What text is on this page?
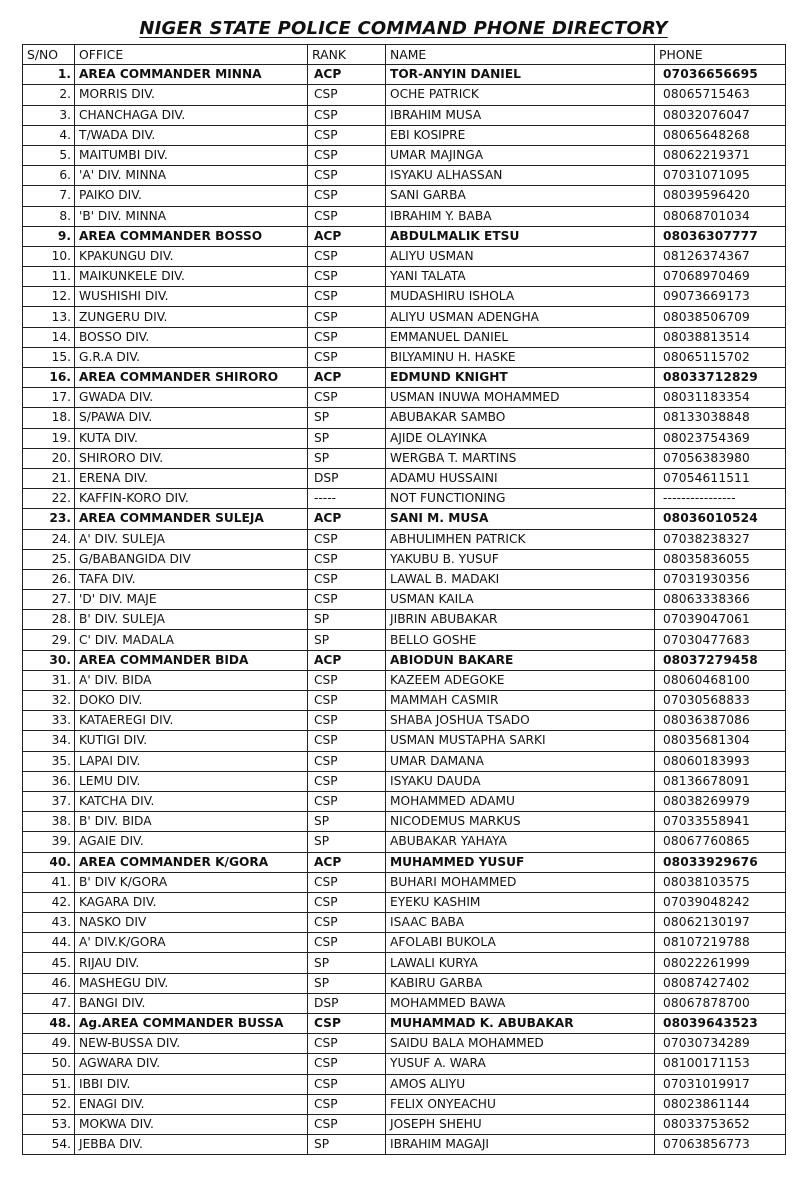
NIGER STATE POLICE COMMAND PHONE DIRECTORY
S/NO	OFFICE	RANK	NAME	PHONE
1.	AREA COMMANDER MINNA	ACP	TOR-ANYIN DANIEL	07036656695
2.	MORRIS DIV.	CSP	OCHE PATRICK	08065715463
3.	CHANCHAGA DIV.	CSP	IBRAHIM MUSA	08032076047
4.	T/WADA DIV.	CSP	EBI KOSIPRE	08065648268
5.	MAITUMBI DIV.	CSP	UMAR MAJINGA	08062219371
6.	'A' DIV. MINNA	CSP	ISYAKU ALHASSAN	07031071095
7.	PAIKO DIV.	CSP	SANI GARBA	08039596420
8.	'B' DIV. MINNA	CSP	IBRAHIM Y. BABA	08068701034
9.	AREA COMMANDER BOSSO	ACP	ABDULMALIK ETSU	08036307777
10.	KPAKUNGU DIV.	CSP	ALIYU USMAN	08126374367
11.	MAIKUNKELE DIV.	CSP	YANI TALATA	07068970469
12.	WUSHISHI DIV.	CSP	MUDASHIRU ISHOLA	09073669173
13.	ZUNGERU DIV.	CSP	ALIYU USMAN ADENGHA	08038506709
14.	BOSSO DIV.	CSP	EMMANUEL DANIEL	08038813514
15.	G.R.A DIV.	CSP	BILYAMINU H. HASKE	08065115702
16.	AREA COMMANDER SHIRORO	ACP	EDMUND KNIGHT	08033712829
17.	GWADA DIV.	CSP	USMAN INUWA MOHAMMED	08031183354
18.	S/PAWA DIV.	SP	ABUBAKAR SAMBO	08133038848
19.	KUTA DIV.	SP	AJIDE OLAYINKA	08023754369
20.	SHIRORO DIV.	SP	WERGBA T. MARTINS	07056383980
21.	ERENA DIV.	DSP	ADAMU HUSSAINI	07054611511
22.	KAFFIN-KORO DIV.	-----	NOT FUNCTIONING	----------------
23.	AREA COMMANDER SULEJA	ACP	SANI M. MUSA	08036010524
24.	A' DIV. SULEJA	CSP	ABHULIMHEN PATRICK	07038238327
25.	G/BABANGIDA DIV	CSP	YAKUBU B. YUSUF	08035836055
26.	TAFA DIV.	CSP	LAWAL B. MADAKI	07031930356
27.	'D' DIV. MAJE	CSP	USMAN KAILA	08063338366
28.	B' DIV. SULEJA	SP	JIBRIN ABUBAKAR	07039047061
29.	C' DIV. MADALA	SP	BELLO GOSHE	07030477683
30.	AREA COMMANDER BIDA	ACP	ABIODUN BAKARE	08037279458
31.	A' DIV. BIDA	CSP	KAZEEM ADEGOKE	08060468100
32.	DOKO DIV.	CSP	MAMMAH CASMIR	07030568833
33.	KATAEREGI DIV.	CSP	SHABA JOSHUA TSADO	08036387086
34.	KUTIGI DIV.	CSP	USMAN MUSTAPHA SARKI	08035681304
35.	LAPAI DIV.	CSP	UMAR DAMANA	08060183993
36.	LEMU DIV.	CSP	ISYAKU DAUDA	08136678091
37.	KATCHA DIV.	CSP	MOHAMMED ADAMU	08038269979
38.	B' DIV. BIDA	SP	NICODEMUS MARKUS	07033558941
39.	AGAIE DIV.	SP	ABUBAKAR YAHAYA	08067760865
40.	AREA COMMANDER K/GORA	ACP	MUHAMMED YUSUF	08033929676
41.	B' DIV K/GORA	CSP	BUHARI MOHAMMED	08038103575
42.	KAGARA DIV.	CSP	EYEKU KASHIM	07039048242
43.	NASKO DIV	CSP	ISAAC BABA	08062130197
44.	A' DIV.K/GORA	CSP	AFOLABI BUKOLA	08107219788
45.	RIJAU DIV.	SP	LAWALI KURYA	08022261999
46.	MASHEGU DIV.	SP	KABIRU GARBA	08087427402
47.	BANGI DIV.	DSP	MOHAMMED BAWA	08067878700
48.	Ag.AREA COMMANDER BUSSA	CSP	MUHAMMAD K. ABUBAKAR	08039643523
49.	NEW-BUSSA DIV.	CSP	SAIDU BALA MOHAMMED	07030734289
50.	AGWARA DIV.	CSP	YUSUF A. WARA	08100171153
51.	IBBI DIV.	CSP	AMOS ALIYU	07031019917
52.	ENAGI DIV.	CSP	FELIX ONYEACHU	08023861144
53.	MOKWA DIV.	CSP	JOSEPH SHEHU	08033753652
54.	JEBBA DIV.	SP	IBRAHIM MAGAJI	07063856773
